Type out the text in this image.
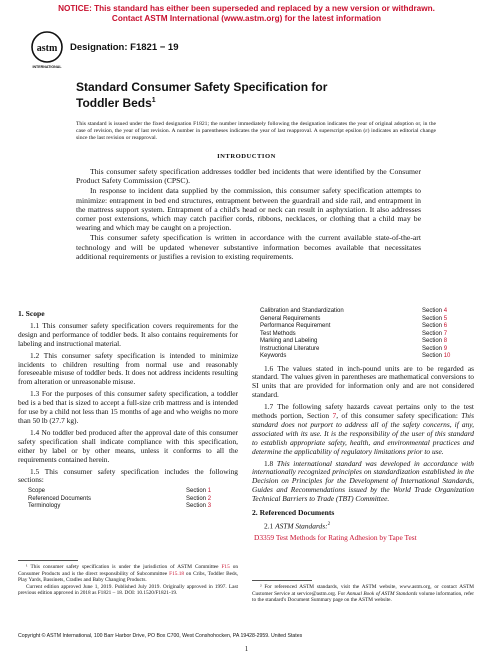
NOTICE: This standard has either been superseded and replaced by a new version or withdrawn.
Contact ASTM International (www.astm.org) for the latest information
astm
INTERNATIONAL
Designation: F1821 − 19
Standard Consumer Safety Specification for
Toddler Beds$^1$
This standard is issued under the fixed designation F1821; the number immediately following the designation indicates the year of original adoption or, in the case of revision, the year of last revision. A number in parentheses indicates the year of last reapproval. A superscript epsilon (ε) indicates an editorial change since the last revision or reapproval.
INTRODUCTION

This consumer safety specification addresses toddler bed incidents that were identified by the Consumer Product Safety Commission (CPSC).

In response to incident data supplied by the commission, this consumer safety specification attempts to minimize: entrapment in bed end structures, entrapment between the guardrail and side rail, and entrapment in the mattress support system. Entrapment of a child's head or neck can result in asphyxiation. It also addresses corner post extensions, which may catch pacifier cords, ribbons, necklaces, or clothing that a child may be wearing and which may be caught on a projection.

This consumer safety specification is written in accordance with the current available state-of-the-art technology and will be updated whenever substantive information becomes available that necessitates additional requirements or justifies a revision to existing requirements.

1. Scope

1.1 This consumer safety specification covers requirements for the design and performance of toddler beds. It also contains requirements for labeling and instructional material.

1.2 This consumer safety specification is intended to minimize incidents to children resulting from normal use and reasonably foreseeable misuse of toddler beds. It does not address incidents resulting from alteration or unreasonable misuse.

1.3 For the purposes of this consumer safety specification, a toddler bed is a bed that is sized to accept a full-size crib mattress and is intended for use by a child not less than 15 months of age and who weighs no more than 50 lb (27.7 kg).

1.4 No toddler bed produced after the approval date of this consumer safety specification shall indicate compliance with this specification, either by label or by other means, unless it conforms to all the requirements contained herein.

1.5 This consumer safety specification includes the following sections:

Scope	Section 1
Referenced Documents	Section 2
Terminology	Section 3
Calibration and Standardization	Section 4
General Requirements	Section 5
Performance Requirement	Section 6
Test Methods	Section 7
Marking and Labeling	Section 8
Instructional Literature	Section 9
Keywords	Section 10

1.6 The values stated in inch-pound units are to be regarded as standard. The values given in parentheses are mathematical conversions to SI units that are provided for information only and are not considered standard.

1.7 The following safety hazards caveat pertains only to the test methods portion, Section 7, of this consumer safety specification: This standard does not purport to address all of the safety concerns, if any, associated with its use. It is the responsibility of the user of this standard to establish appropriate safety, health, and environmental practices and determine the applicability of regulatory limitations prior to use.

1.8 This international standard was developed in accordance with internationally recognized principles on standardization established in the Decision on Principles for the Development of International Standards, Guides and Recommendations issued by the World Trade Organization Technical Barriers to Trade (TBT) Committee.

2. Referenced Documents

2.1 ASTM Standards:$^2$

D3359 Test Methods for Rating Adhesion by Tape Test

¹ This consumer safety specification is under the jurisdiction of ASTM Committee F15 on Consumer Products and is the direct responsibility of Subcommittee F15.18 on Cribs, Toddler Beds, Play Yards, Bassinets, Cradles and Baby Changing Products.
Current edition approved June 1, 2019. Published July 2019. Originally approved in 1997. Last previous edition approved in 2018 as F1821 – 18. DOI: 10.1520/F1821-19.
² For referenced ASTM standards, visit the ASTM website, www.astm.org, or contact ASTM Customer Service at service@astm.org. For Annual Book of ASTM Standards volume information, refer to the standard's Document Summary page on the ASTM website.
Copyright © ASTM International, 100 Barr Harbor Drive, PO Box C700, West Conshohocken, PA 19428-2959. United States
1
